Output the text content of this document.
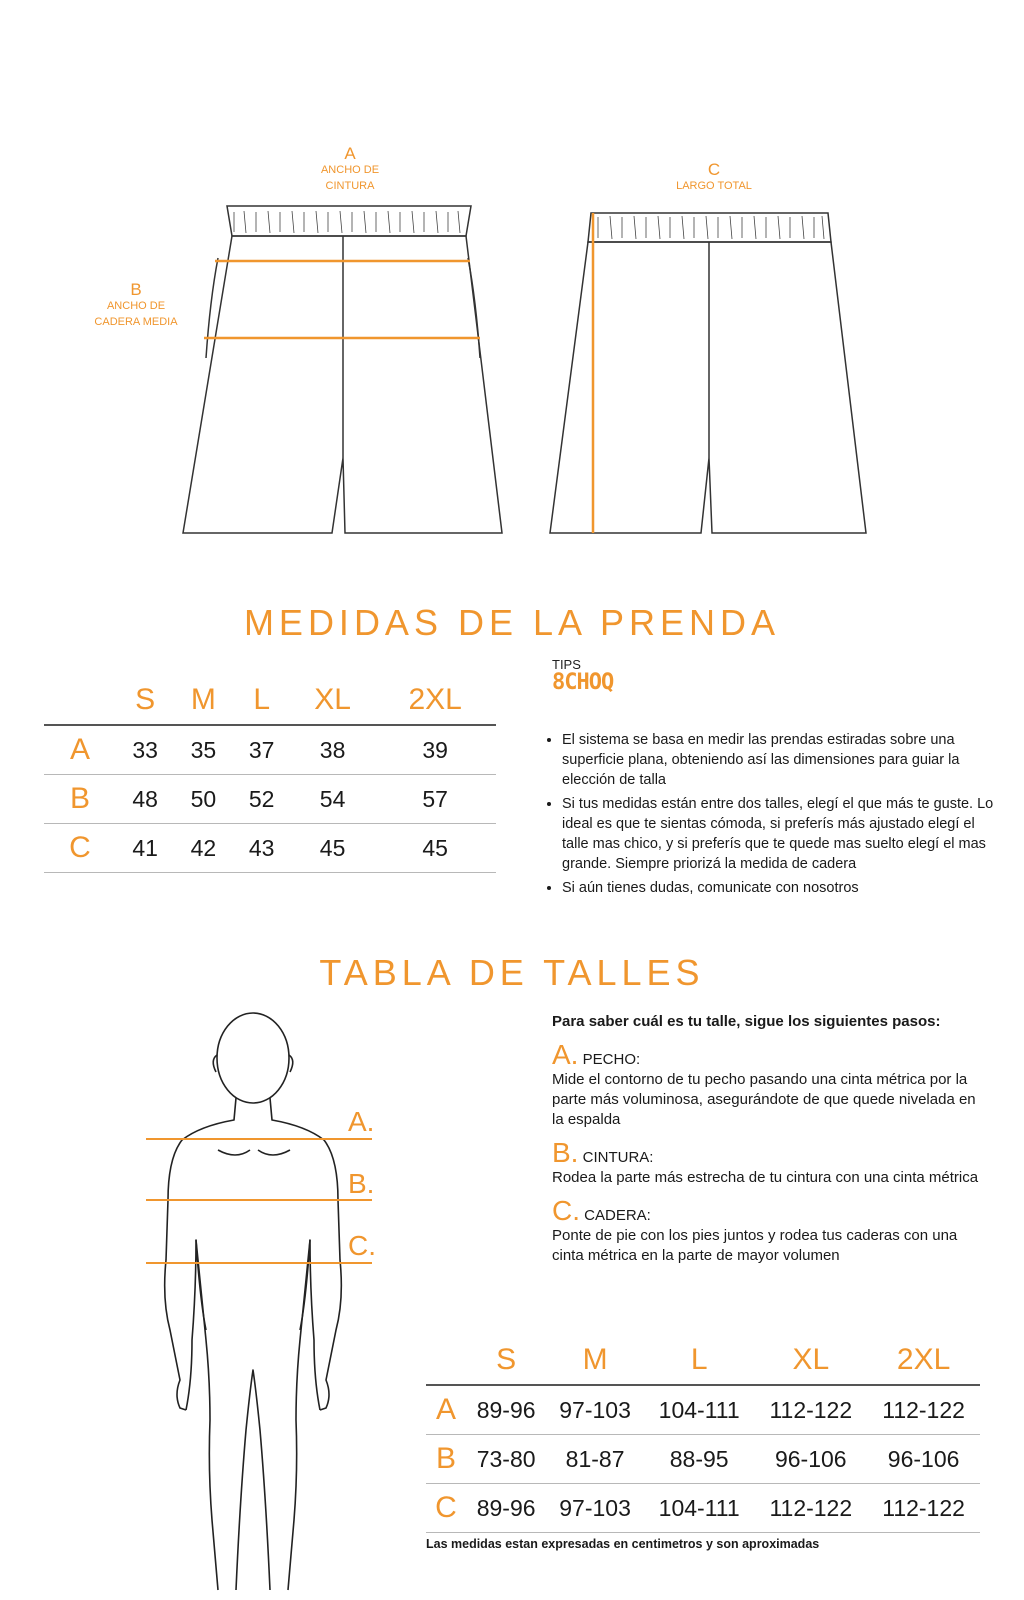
A
ANCHO DE
CINTURA
B
ANCHO DE
CADERA MEDIA
C
LARGO TOTAL
MEDIDAS DE LA PRENDA
	S	M	L	XL	2XL
A	33	35	37	38	39
B	48	50	52	54	57
C	41	42	43	45	45
TIPS
8CHOQ
• El sistema se basa en medir las prendas estiradas sobre una superficie plana, obteniendo así las dimensiones para guiar la elección de talla
• Si tus medidas están entre dos talles, elegí el que más te guste. Lo ideal es que te sientas cómoda, si preferís más ajustado elegí el talle mas chico, y si preferís que te quede mas suelto elegí el mas grande. Siempre priorizá la medida de cadera
• Si aún tienes dudas, comunicate con nosotros
TABLA DE TALLES
A.
B.
C.
Para saber cuál es tu talle, sigue los siguientes pasos:
A. PECHO:
Mide el contorno de tu pecho pasando una cinta métrica por la parte más voluminosa, asegurándote de que quede nivelada en la espalda
B. CINTURA:
Rodea la parte más estrecha de tu cintura con una cinta métrica
C. CADERA:
Ponte de pie con los pies juntos y rodea tus caderas con una cinta métrica en la parte de mayor volumen
	S	M	L	XL	2XL
A	89-96	97-103	104-111	112-122	112-122
B	73-80	81-87	88-95	96-106	96-106
C	89-96	97-103	104-111	112-122	112-122
Las medidas estan expresadas en centimetros y son aproximadas
